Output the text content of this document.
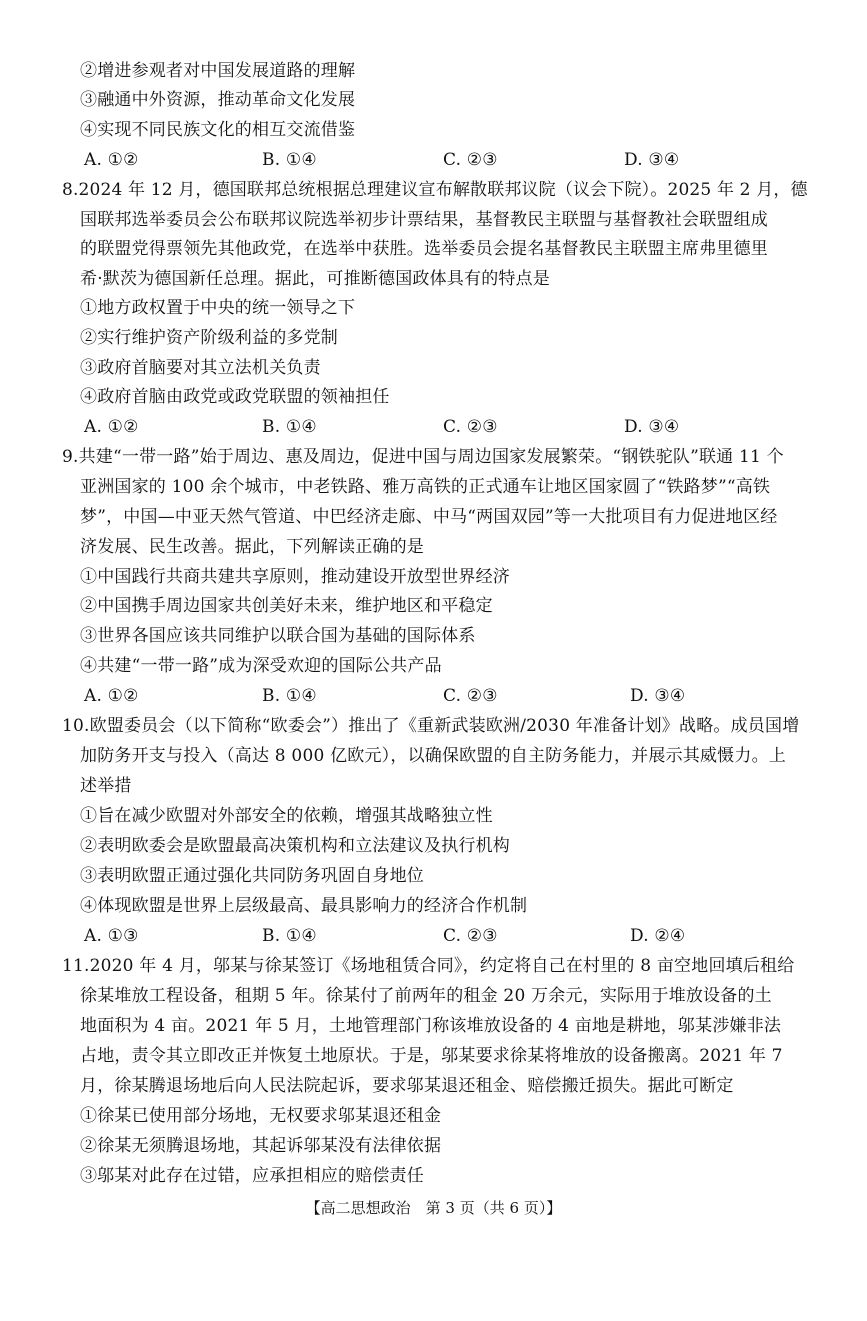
②增进参观者对中国发展道路的理解
③融通中外资源，推动革命文化发展
④实现不同民族文化的相互交流借鉴
A. ①②	B. ①④	C. ②③	D. ③④
8.2024 年 12 月，德国联邦总统根据总理建议宣布解散联邦议院（议会下院）。2025 年 2 月，德
国联邦选举委员会公布联邦议院选举初步计票结果，基督教民主联盟与基督教社会联盟组成
的联盟党得票领先其他政党，在选举中获胜。选举委员会提名基督教民主联盟主席弗里德里
希·默茨为德国新任总理。据此，可推断德国政体具有的特点是
①地方政权置于中央的统一领导之下
②实行维护资产阶级利益的多党制
③政府首脑要对其立法机关负责
④政府首脑由政党或政党联盟的领袖担任
A. ①②	B. ①④	C. ②③	D. ③④
9.共建“一带一路”始于周边、惠及周边，促进中国与周边国家发展繁荣。“钢铁驼队”联通 11 个
亚洲国家的 100 余个城市，中老铁路、雅万高铁的正式通车让地区国家圆了“铁路梦”“高铁
梦”，中国—中亚天然气管道、中巴经济走廊、中马“两国双园”等一大批项目有力促进地区经
济发展、民生改善。据此，下列解读正确的是
①中国践行共商共建共享原则，推动建设开放型世界经济
②中国携手周边国家共创美好未来，维护地区和平稳定
③世界各国应该共同维护以联合国为基础的国际体系
④共建“一带一路”成为深受欢迎的国际公共产品
A. ①②	B. ①④	C. ②③	D. ③④
10.欧盟委员会（以下简称“欧委会”）推出了《重新武装欧洲/2030 年准备计划》战略。成员国增
加防务开支与投入（高达 8 000 亿欧元），以确保欧盟的自主防务能力，并展示其威慑力。上
述举措
①旨在减少欧盟对外部安全的依赖，增强其战略独立性
②表明欧委会是欧盟最高决策机构和立法建议及执行机构
③表明欧盟正通过强化共同防务巩固自身地位
④体现欧盟是世界上层级最高、最具影响力的经济合作机制
A. ①③	B. ①④	C. ②③	D. ②④
11.2020 年 4 月，邬某与徐某签订《场地租赁合同》，约定将自己在村里的 8 亩空地回填后租给
徐某堆放工程设备，租期 5 年。徐某付了前两年的租金 20 万余元，实际用于堆放设备的土
地面积为 4 亩。2021 年 5 月，土地管理部门称该堆放设备的 4 亩地是耕地，邬某涉嫌非法
占地，责令其立即改正并恢复土地原状。于是，邬某要求徐某将堆放的设备搬离。2021 年 7
月，徐某腾退场地后向人民法院起诉，要求邬某退还租金、赔偿搬迁损失。据此可断定
①徐某已使用部分场地，无权要求邬某退还租金
②徐某无须腾退场地，其起诉邬某没有法律依据
③邬某对此存在过错，应承担相应的赔偿责任
【高二思想政治　第 3 页（共 6 页）】
